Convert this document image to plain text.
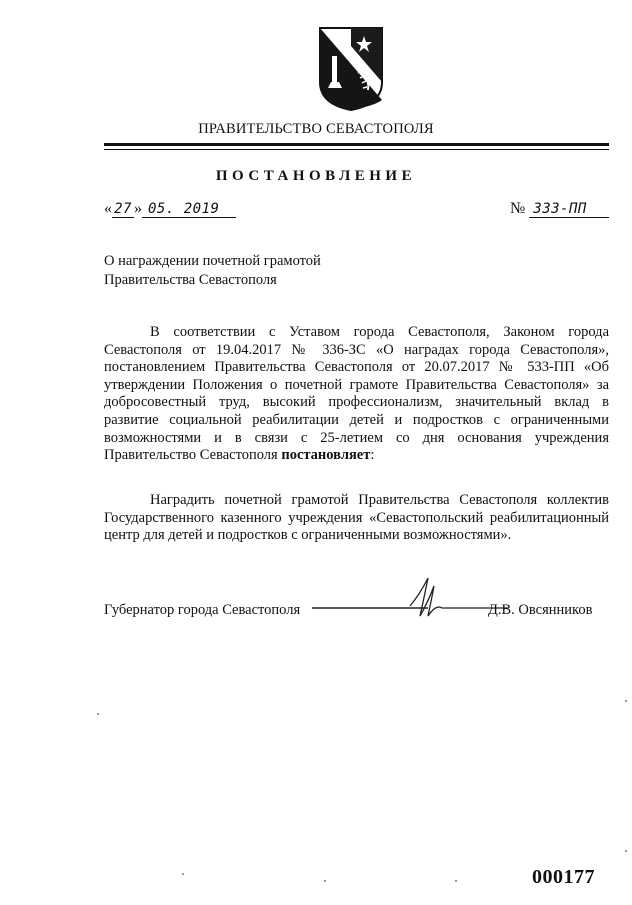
ПРАВИТЕЛЬСТВО СЕВАСТОПОЛЯ
ПОСТАНОВЛЕНИЕ
« 27 » 05. 2019	№ 333-ПП
О награждении почетной грамотой
Правительства Севастополя

В соответствии с Уставом города Севастополя, Законом города Севастополя от 19.04.2017 № 336-ЗС «О наградах города Севастополя», постановлением Правительства Севастополя от 20.07.2017 № 533-ПП «Об утверждении Положения о почетной грамоте Правительства Севастополя» за добросовестный труд, высокий профессионализм, значительный вклад в развитие социальной реабилитации детей и подростков с ограниченными возможностями и в связи с 25-летием со дня основания учреждения Правительство Севастополя постановляет:

Наградить почетной грамотой Правительства Севастополя коллектив Государственного казенного учреждения «Севастопольский реабилитационный центр для детей и подростков с ограниченными возможностями».

Губернатор города Севастополя	Д.В. Овсянников
000177
